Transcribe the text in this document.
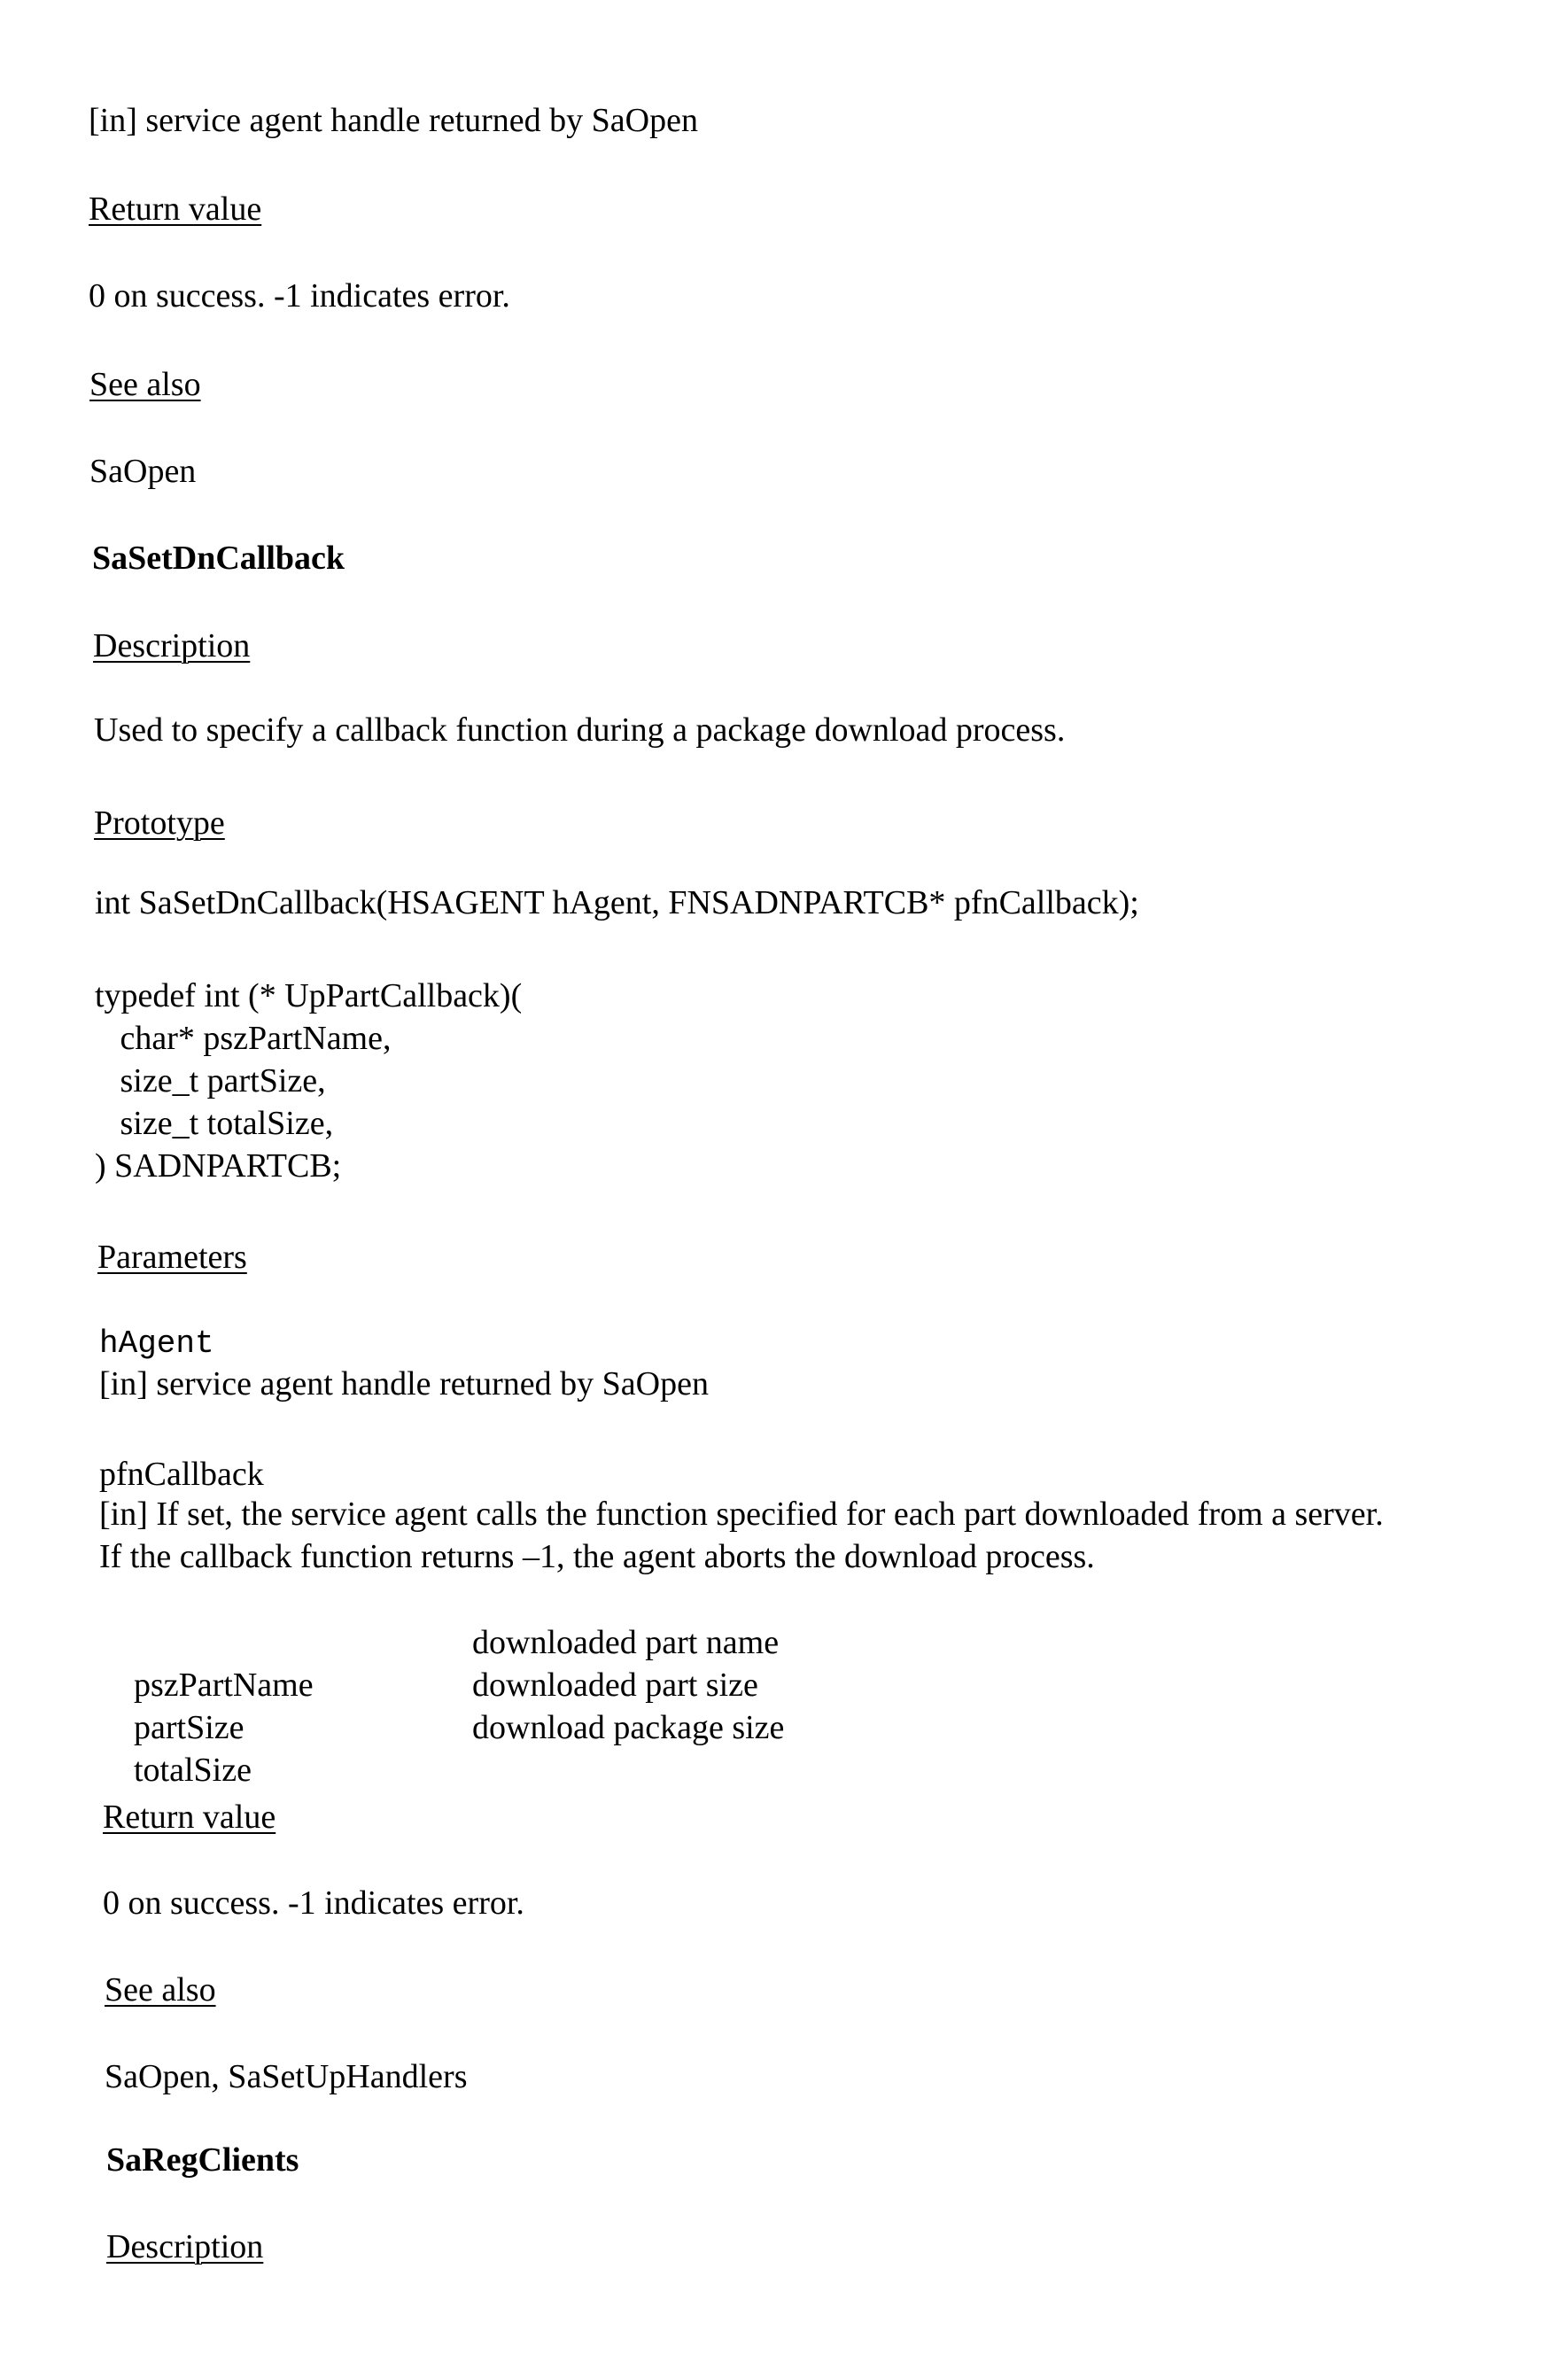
[in] service agent handle returned by SaOpen
Return value
0 on success. -1 indicates error.
See also
SaOpen
SaSetDnCallback
Description
Used to specify a callback function during a package download process.
Prototype
int SaSetDnCallback(HSAGENT hAgent, FNSADNPARTCB* pfnCallback);
typedef int (* UpPartCallback)(
char* pszPartName,
size_t partSize,
size_t totalSize,
) SADNPARTCB;
Parameters
hAgent
[in] service agent handle returned by SaOpen
pfnCallback
[in] If set, the service agent calls the function specified for each part downloaded from a server.
If the callback function returns –1, the agent aborts the download process.

pszPartName

downloaded part name

partSize

downloaded part size

totalSize

download package size

Return value
0 on success. -1 indicates error.
See also
SaOpen, SaSetUpHandlers
SaRegClients
Description
